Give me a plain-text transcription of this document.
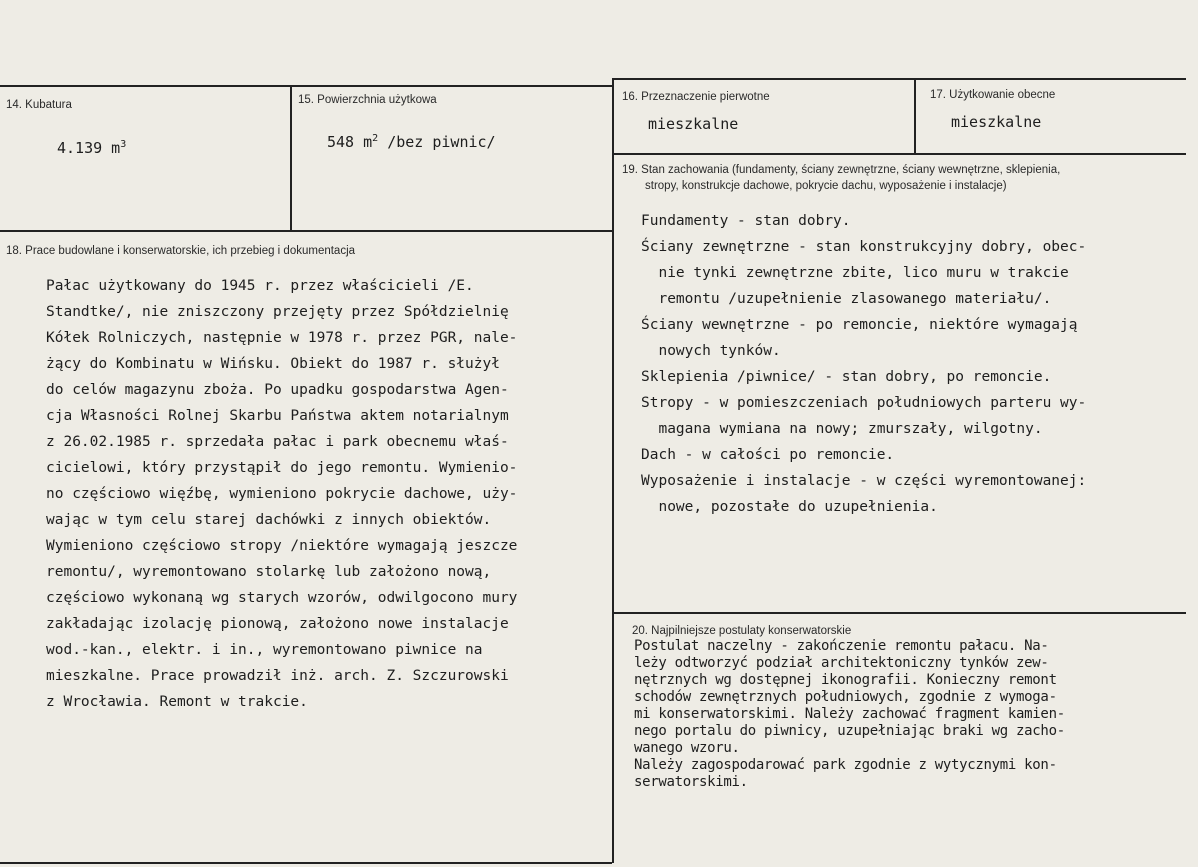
14. Kubatura
4.139 $m^3$
15. Powierzchnia użytkowa
548 $m^2$ /bez piwnic/
16. Przeznaczenie pierwotne
mieszkalne
17. Użytkowanie obecne
mieszkalne
19. Stan zachowania (fundamenty, ściany zewnętrzne, ściany wewnętrzne, sklepienia,
stropy, konstrukcje dachowe, pokrycie dachu, wyposażenie i instalacje)
Fundamenty - stan dobry.
Ściany zewnętrzne - stan konstrukcyjny dobry, obec-
nie tynki zewnętrzne zbite, lico muru w trakcie
remontu /uzupełnienie zlasowanego materiału/.
Ściany wewnętrzne - po remoncie, niektóre wymagają
nowych tynków.
Sklepienia /piwnice/ - stan dobry, po remoncie.
Stropy - w pomieszczeniach południowych parteru wy-
magana wymiana na nowy; zmurszały, wilgotny.
Dach - w całości po remoncie.
Wyposażenie i instalacje - w części wyremontowanej:
nowe, pozostałe do uzupełnienia.
18. Prace budowlane i konserwatorskie, ich przebieg i dokumentacja
Pałac użytkowany do 1945 r. przez właścicieli /E.
Standtke/, nie zniszczony przejęty przez Spółdzielnię
Kółek Rolniczych, następnie w 1978 r. przez PGR, nale-
żący do Kombinatu w Wińsku. Obiekt do 1987 r. służył
do celów magazynu zboża. Po upadku gospodarstwa Agen-
cja Własności Rolnej Skarbu Państwa aktem notarialnym
z 26.02.1985 r. sprzedała pałac i park obecnemu właś-
cicielowi, który przystąpił do jego remontu. Wymienio-
no częściowo więźbę, wymieniono pokrycie dachowe, uży-
wając w tym celu starej dachówki z innych obiektów.
Wymieniono częściowo stropy /niektóre wymagają jeszcze
remontu/, wyremontowano stolarkę lub założono nową,
częściowo wykonaną wg starych wzorów, odwilgocono mury
zakładając izolację pionową, założono nowe instalacje
wod.-kan., elektr. i in., wyremontowano piwnice na
mieszkalne. Prace prowadził inż. arch. Z. Szczurowski
z Wrocławia. Remont w trakcie.
20. Najpilniejsze postulaty konserwatorskie
Postulat naczelny - zakończenie remontu pałacu. Na-
leży odtworzyć podział architektoniczny tynków zew-
nętrznych wg dostępnej ikonografii. Konieczny remont
schodów zewnętrznych południowych, zgodnie z wymoga-
mi konserwatorskimi. Należy zachować fragment kamien-
nego portalu do piwnicy, uzupełniając braki wg zacho-
wanego wzoru.
Należy zagospodarować park zgodnie z wytycznymi kon-
serwatorskimi.
